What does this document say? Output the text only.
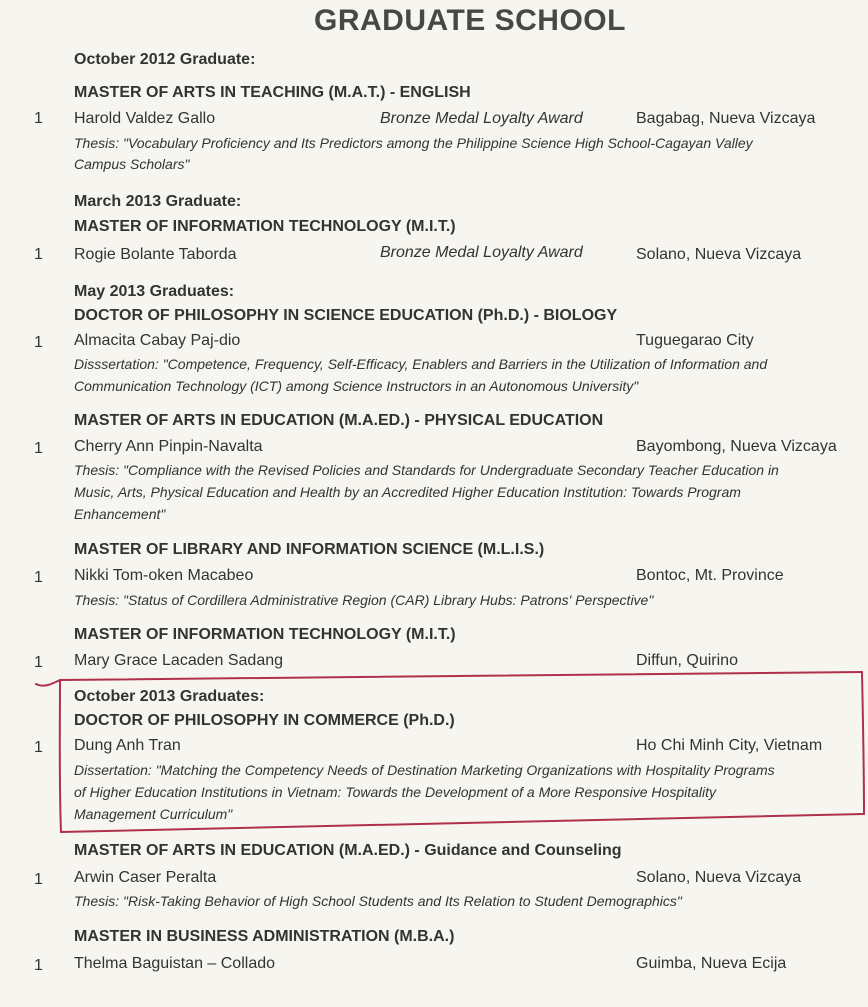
GRADUATE SCHOOL
October 2012 Graduate:
MASTER OF ARTS IN TEACHING (M.A.T.) - ENGLISH
1 Harold Valdez Gallo	Bronze Medal Loyalty Award	Bagabag, Nueva Vizcaya
Thesis: "Vocabulary Proficiency and Its Predictors among the Philippine Science High School-Cagayan Valley
Campus Scholars"
March 2013 Graduate:
MASTER OF INFORMATION TECHNOLOGY (M.I.T.)
1 Rogie Bolante Taborda	Bronze Medal Loyalty Award	Solano, Nueva Vizcaya
May 2013 Graduates:
DOCTOR OF PHILOSOPHY IN SCIENCE EDUCATION (Ph.D.) - BIOLOGY
1 Almacita Cabay Paj-dio	Tuguegarao City
Disssertation: "Competence, Frequency, Self-Efficacy, Enablers and Barriers in the Utilization of Information and
Communication Technology (ICT) among Science Instructors in an Autonomous University"
MASTER OF ARTS IN EDUCATION (M.A.ED.) - PHYSICAL EDUCATION
1 Cherry Ann Pinpin-Navalta	Bayombong, Nueva Vizcaya
Thesis: "Compliance with the Revised Policies and Standards for Undergraduate Secondary Teacher Education in
Music, Arts, Physical Education and Health by an Accredited Higher Education Institution: Towards Program
Enhancement"
MASTER OF LIBRARY AND INFORMATION SCIENCE (M.L.I.S.)
1 Nikki Tom-oken Macabeo	Bontoc, Mt. Province
Thesis: "Status of Cordillera Administrative Region (CAR) Library Hubs: Patrons' Perspective"
MASTER OF INFORMATION TECHNOLOGY (M.I.T.)
1 Mary Grace Lacaden Sadang	Diffun, Quirino
October 2013 Graduates:
DOCTOR OF PHILOSOPHY IN COMMERCE (Ph.D.)
1 Dung Anh Tran	Ho Chi Minh City, Vietnam
Dissertation: "Matching the Competency Needs of Destination Marketing Organizations with Hospitality Programs
of Higher Education Institutions in Vietnam: Towards the Development of a More Responsive Hospitality
Management Curriculum"
MASTER OF ARTS IN EDUCATION (M.A.ED.) - Guidance and Counseling
1 Arwin Caser Peralta	Solano, Nueva Vizcaya
Thesis: "Risk-Taking Behavior of High School Students and Its Relation to Student Demographics"
MASTER IN BUSINESS ADMINISTRATION (M.B.A.)
1 Thelma Baguistan – Collado	Guimba, Nueva Ecija
